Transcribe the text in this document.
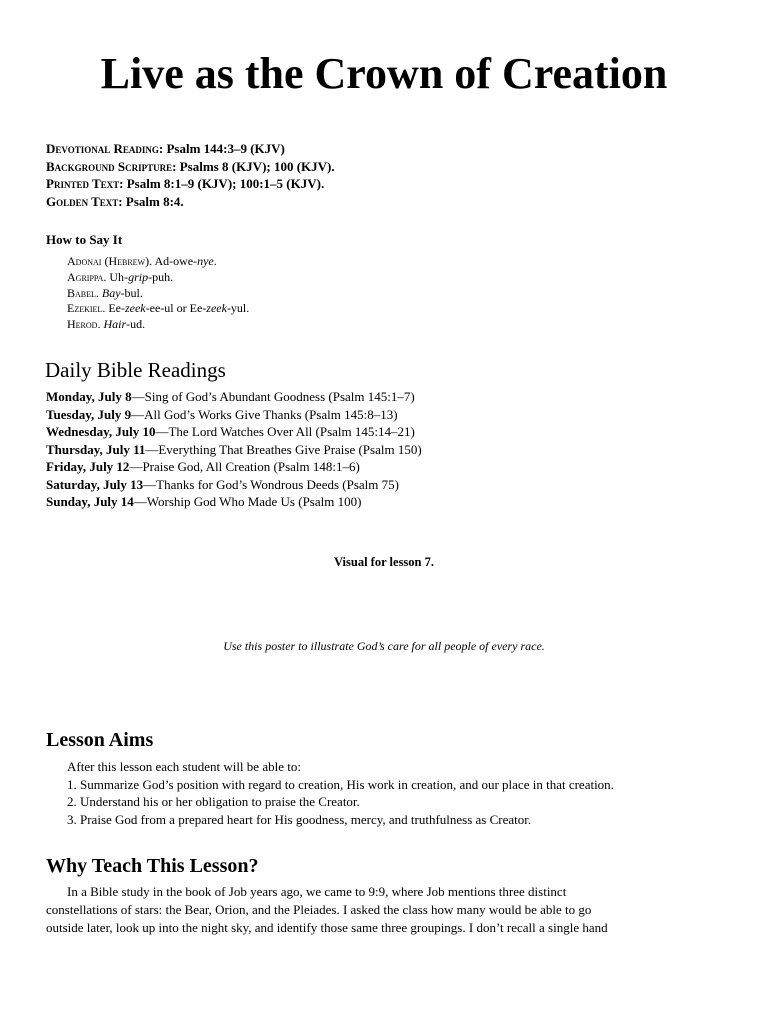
Live as the Crown of Creation
Devotional Reading: Psalm 144:3–9 (KJV)
Background Scripture: Psalms 8 (KJV); 100 (KJV).
Printed Text: Psalm 8:1–9 (KJV); 100:1–5 (KJV).
Golden Text: Psalm 8:4.
How to Say It
Adonai (Hebrew). Ad-owe-nye.
Agrippa. Uh-grip-puh.
Babel. Bay-bul.
Ezekiel. Ee-zeek-ee-ul or Ee-zeek-yul.
Herod. Hair-ud.
Daily Bible Readings
Monday, July 8—Sing of God’s Abundant Goodness (Psalm 145:1–7)
Tuesday, July 9—All God’s Works Give Thanks (Psalm 145:8–13)
Wednesday, July 10—The Lord Watches Over All (Psalm 145:14–21)
Thursday, July 11—Everything That Breathes Give Praise (Psalm 150)
Friday, July 12—Praise God, All Creation (Psalm 148:1–6)
Saturday, July 13—Thanks for God’s Wondrous Deeds (Psalm 75)
Sunday, July 14—Worship God Who Made Us (Psalm 100)
Visual for lesson 7.
Use this poster to illustrate God’s care for all people of every race.
Lesson Aims
After this lesson each student will be able to:
1. Summarize God’s position with regard to creation, His work in creation, and our place in that creation.
2. Understand his or her obligation to praise the Creator.
3. Praise God from a prepared heart for His goodness, mercy, and truthfulness as Creator.
Why Teach This Lesson?
In a Bible study in the book of Job years ago, we came to 9:9, where Job mentions three distinct
constellations of stars: the Bear, Orion, and the Pleiades. I asked the class how many would be able to go
outside later, look up into the night sky, and identify those same three groupings. I don’t recall a single hand
